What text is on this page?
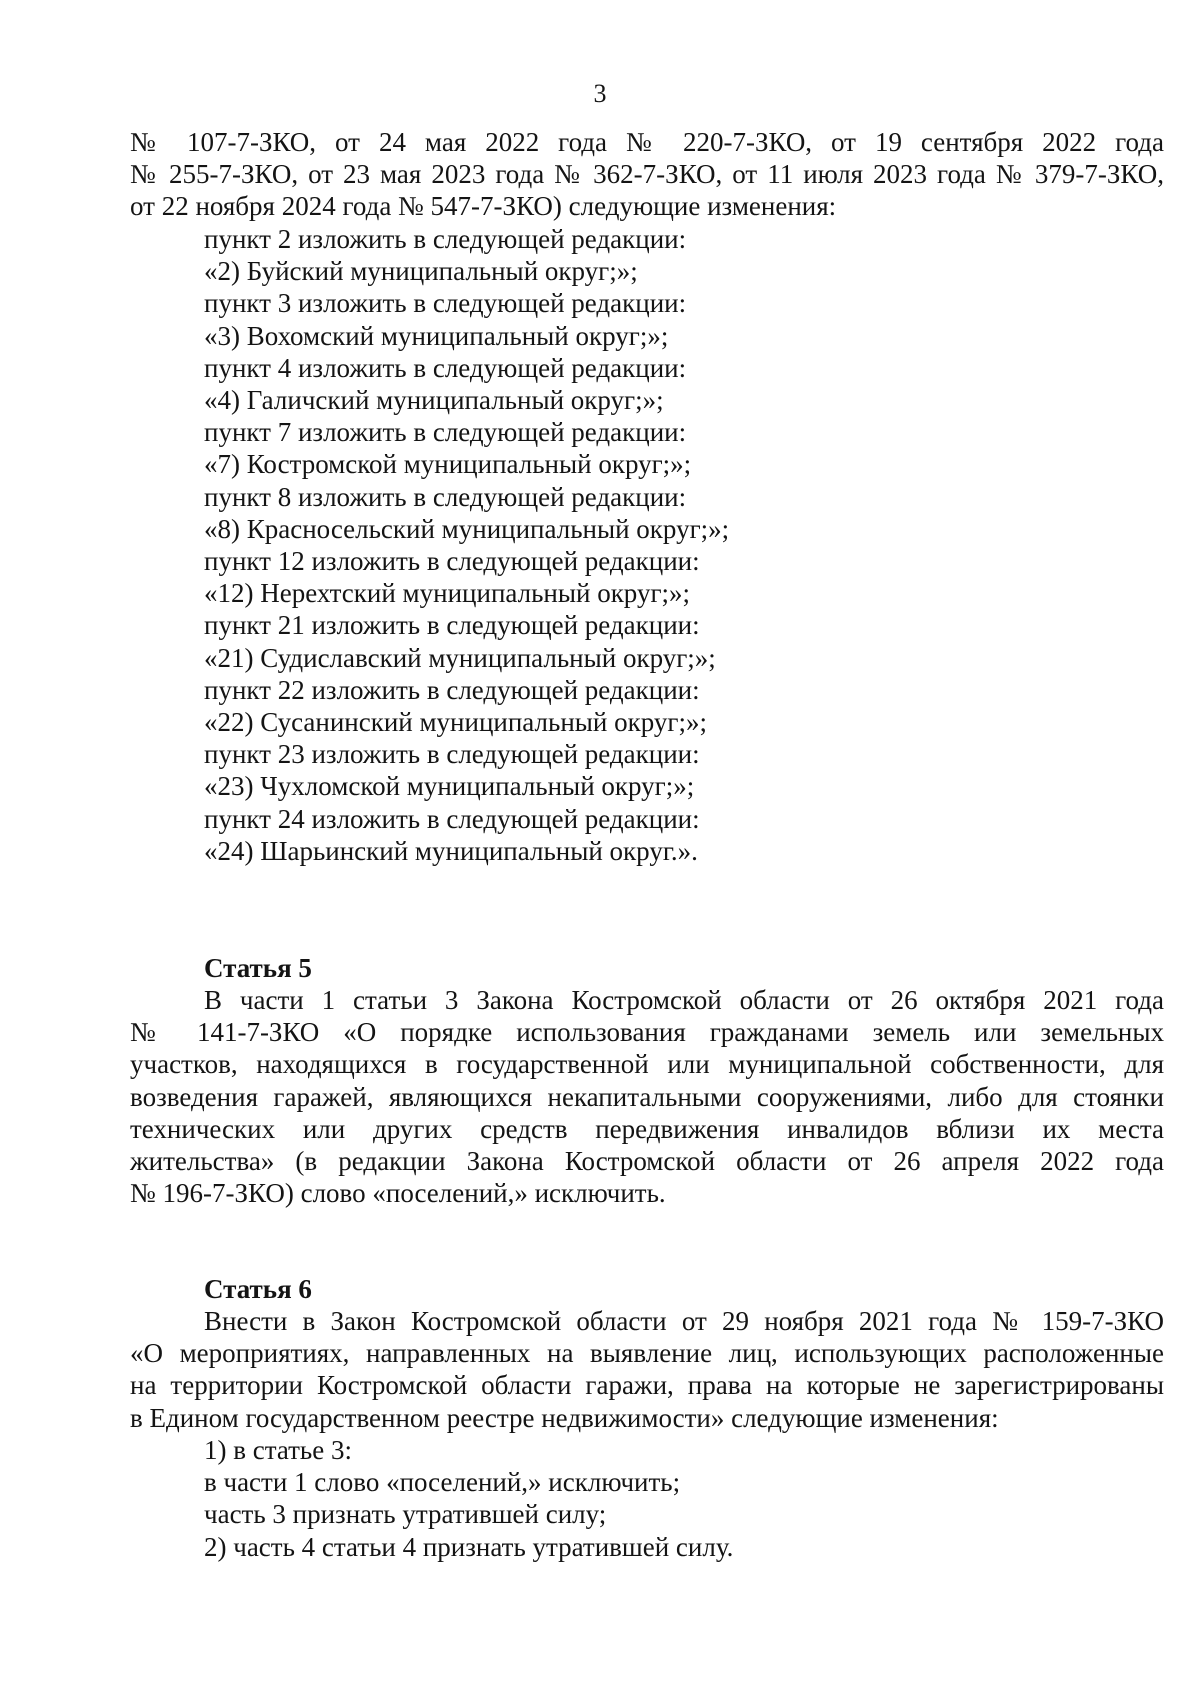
3
№ 107-7-ЗКО, от 24 мая 2022 года № 220-7-ЗКО, от 19 сентября 2022 года
№ 255-7-ЗКО, от 23 мая 2023 года № 362-7-ЗКО, от 11 июля 2023 года № 379-7-ЗКО,
от 22 ноября 2024 года № 547-7-ЗКО) следующие изменения:
пункт 2 изложить в следующей редакции:
«2) Буйский муниципальный округ;»;
пункт 3 изложить в следующей редакции:
«3) Вохомский муниципальный округ;»;
пункт 4 изложить в следующей редакции:
«4) Галичский муниципальный округ;»;
пункт 7 изложить в следующей редакции:
«7) Костромской муниципальный округ;»;
пункт 8 изложить в следующей редакции:
«8) Красносельский муниципальный округ;»;
пункт 12 изложить в следующей редакции:
«12) Нерехтский муниципальный округ;»;
пункт 21 изложить в следующей редакции:
«21) Судиславский муниципальный округ;»;
пункт 22 изложить в следующей редакции:
«22) Сусанинский муниципальный округ;»;
пункт 23 изложить в следующей редакции:
«23) Чухломской муниципальный округ;»;
пункт 24 изложить в следующей редакции:
«24) Шарьинский муниципальный округ.».
Статья 5
В части 1 статьи 3 Закона Костромской области от 26 октября 2021 года
№ 141-7-ЗКО «О порядке использования гражданами земель или земельных
участков, находящихся в государственной или муниципальной собственности, для
возведения гаражей, являющихся некапитальными сооружениями, либо для стоянки
технических или других средств передвижения инвалидов вблизи их места
жительства» (в редакции Закона Костромской области от 26 апреля 2022 года
№ 196-7-ЗКО) слово «поселений,» исключить.
Статья 6
Внести в Закон Костромской области от 29 ноября 2021 года № 159-7-ЗКО
«О мероприятиях, направленных на выявление лиц, использующих расположенные
на территории Костромской области гаражи, права на которые не зарегистрированы
в Едином государственном реестре недвижимости» следующие изменения:
1) в статье 3:
в части 1 слово «поселений,» исключить;
часть 3 признать утратившей силу;
2) часть 4 статьи 4 признать утратившей силу.
